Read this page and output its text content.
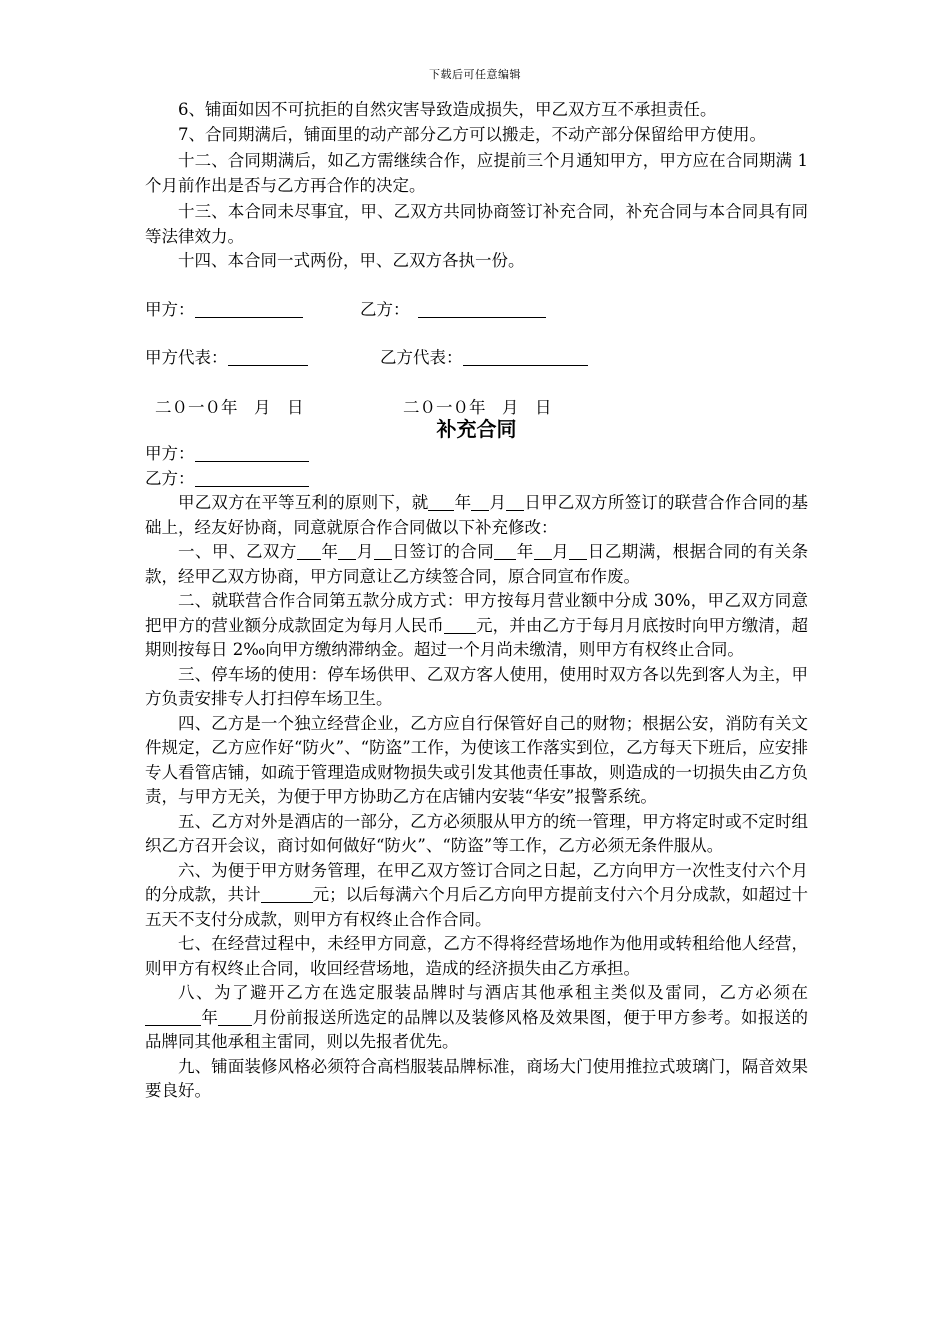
下载后可任意编辑

6、铺面如因不可抗拒的自然灾害导致造成损失，甲乙双方互不承担责任。

7、合同期满后，铺面里的动产部分乙方可以搬走，不动产部分保留给甲方使用。

十二、合同期满后，如乙方需继续合作，应提前三个月通知甲方，甲方应在合同期满 1 个月前作出是否与乙方再合作的决定。

十三、本合同未尽事宜，甲、乙双方共同协商签订补充合同，补充合同与本合同具有同等法律效力。

十四、本合同一式两份，甲、乙双方各执一份。

甲方：	乙方：
甲方代表：	乙方代表：
二０一０年　月　日	二０一０年　月　日
补充合同
甲方：
乙方：

甲乙双方在平等互利的原则下，就 年 月 日甲乙双方所签订的联营合作合同的基础上，经友好协商，同意就原合作合同做以下补充修改：

一、甲、乙双方 年 月 日签订的合同 年 月 日乙期满，根据合同的有关条款，经甲乙双方协商，甲方同意让乙方续签合同，原合同宣布作废。

二、就联营合作合同第五款分成方式：甲方按每月营业额中分成 30%，甲乙双方同意把甲方的营业额分成款固定为每月人民币 元，并由乙方于每月月底按时向甲方缴清，超期则按每日 2‰向甲方缴纳滞纳金。超过一个月尚未缴清，则甲方有权终止合同。

三、停车场的使用：停车场供甲、乙双方客人使用，使用时双方各以先到客人为主，甲方负责安排专人打扫停车场卫生。

四、乙方是一个独立经营企业，乙方应自行保管好自己的财物；根据公安，消防有关文件规定，乙方应作好“防火”、“防盗”工作，为使该工作落实到位，乙方每天下班后，应安排专人看管店铺，如疏于管理造成财物损失或引发其他责任事故，则造成的一切损失由乙方负责，与甲方无关，为便于甲方协助乙方在店铺内安装“华安”报警系统。

五、乙方对外是酒店的一部分，乙方必须服从甲方的统一管理，甲方将定时或不定时组织乙方召开会议，商讨如何做好“防火”、“防盗”等工作，乙方必须无条件服从。

六、为便于甲方财务管理，在甲乙双方签订合同之日起，乙方向甲方一次性支付六个月的分成款，共计	元；以后每满六个月后乙方向甲方提前支付六个月分成款，如超过十五天不支付分成款，则甲方有权终止合作合同。

七、在经营过程中，未经甲方同意，乙方不得将经营场地作为他用或转租给他人经营，则甲方有权终止合同，收回经营场地，造成的经济损失由乙方承担。

八、为了避开乙方在选定服装品牌时与酒店其他承租主类似及雷同，乙方必须在年 月份前报送所选定的品牌以及装修风格及效果图，便于甲方参考。如报送的品牌同其他承租主雷同，则以先报者优先。

九、铺面装修风格必须符合高档服装品牌标准，商场大门使用推拉式玻璃门，隔音效果要良好。
